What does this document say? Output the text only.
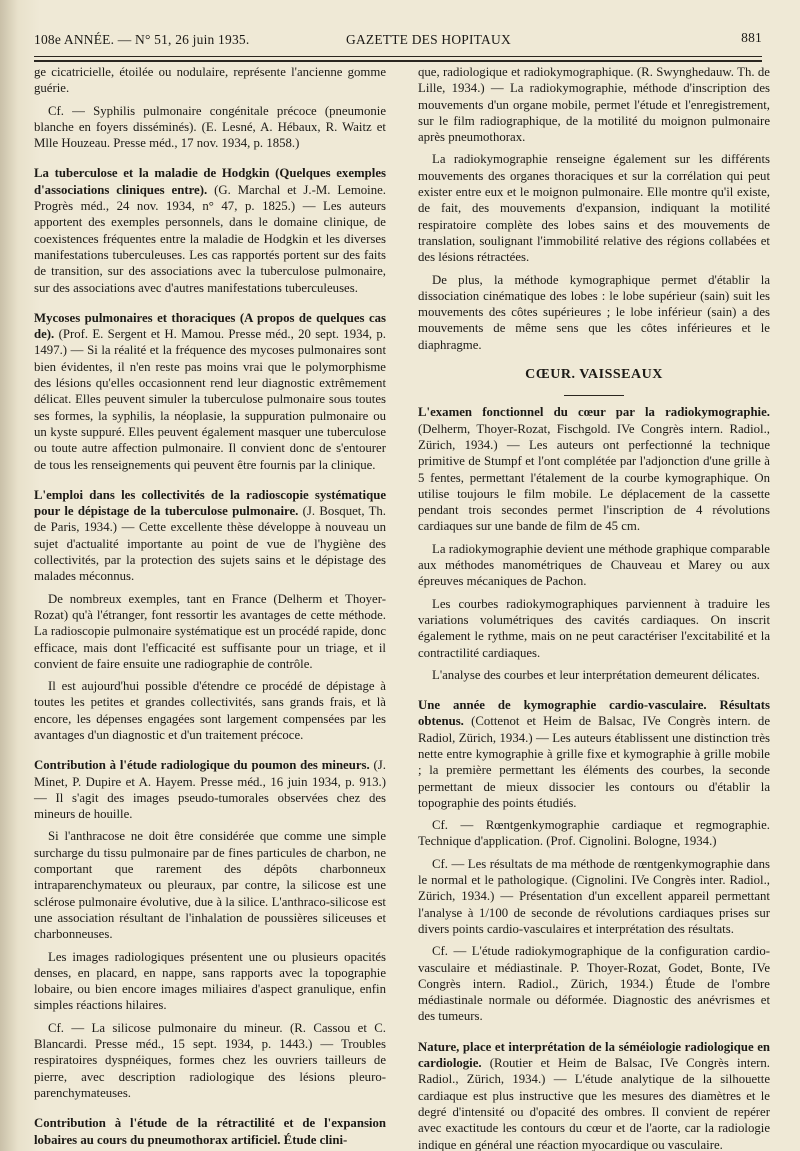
108e ANNÉE. — N° 51, 26 juin 1935.	GAZETTE DES HOPITAUX	881

ge cicatricielle, étoilée ou nodulaire, représente l'ancienne gomme guérie.

Cf. — Syphilis pulmonaire congénitale précoce (pneumonie blanche en foyers disséminés). (E. Lesné, A. Hébaux, R. Waitz et Mlle Houzeau. Presse méd., 17 nov. 1934, p. 1858.)

La tuberculose et la maladie de Hodgkin (Quelques exemples d'associations cliniques entre). (G. Marchal et J.-M. Lemoine. Progrès méd., 24 nov. 1934, n° 47, p. 1825.) — Les auteurs apportent des exemples personnels, dans le domaine clinique, de coexistences fréquentes entre la maladie de Hodgkin et les diverses manifestations tuberculeuses. Les cas rapportés portent sur des faits de transition, sur des associations avec la tuberculose pulmonaire, sur des associations avec d'autres manifestations tuberculeuses.

Mycoses pulmonaires et thoraciques (A propos de quelques cas de). (Prof. E. Sergent et H. Mamou. Presse méd., 20 sept. 1934, p. 1497.) — Si la réalité et la fréquence des mycoses pulmonaires sont bien évidentes, il n'en reste pas moins vrai que le polymorphisme des lésions qu'elles occasionnent rend leur diagnostic extrêmement délicat. Elles peuvent simuler la tuberculose pulmonaire sous toutes ses formes, la syphilis, la néoplasie, la suppuration pulmonaire ou un kyste suppuré. Elles peuvent également masquer une tuberculose ou toute autre affection pulmonaire. Il convient donc de s'entourer de tous les renseignements qui peuvent être fournis par la clinique.

L'emploi dans les collectivités de la radioscopie systématique pour le dépistage de la tuberculose pulmonaire. (J. Bosquet, Th. de Paris, 1934.) — Cette excellente thèse développe à nouveau un sujet d'actualité importante au point de vue de l'hygiène des collectivités, par la protection des sujets sains et le dépistage des malades méconnus.

De nombreux exemples, tant en France (Delherm et Thoyer-Rozat) qu'à l'étranger, font ressortir les avantages de cette méthode. La radioscopie pulmonaire systématique est un procédé rapide, donc efficace, mais dont l'efficacité est suffisante pour un triage, et il convient de faire ensuite une radiographie de contrôle.

Il est aujourd'hui possible d'étendre ce procédé de dépistage à toutes les petites et grandes collectivités, sans grands frais, et là encore, les dépenses engagées sont largement compensées par les avantages d'un diagnostic et d'un traitement précoce.

Contribution à l'étude radiologique du poumon des mineurs. (J. Minet, P. Dupire et A. Hayem. Presse méd., 16 juin 1934, p. 913.) — Il s'agit des images pseudo-tumorales observées chez des mineurs de houille.

Si l'anthracose ne doit être considérée que comme une simple surcharge du tissu pulmonaire par de fines particules de charbon, ne comportant que rarement des dépôts charbonneux intraparenchymateux ou pleuraux, par contre, la silicose est une sclérose pulmonaire évolutive, due à la silice. L'anthraco-silicose est une association résultant de l'inhalation de poussières siliceuses et charbonneuses.

Les images radiologiques présentent une ou plusieurs opacités denses, en placard, en nappe, sans rapports avec la topographie lobaire, ou bien encore images miliaires d'aspect granulique, enfin simples réactions hilaires.

Cf. — La silicose pulmonaire du mineur. (R. Cassou et C. Blancardi. Presse méd., 15 sept. 1934, p. 1443.) — Troubles respiratoires dyspnéiques, formes chez les ouvriers tailleurs de pierre, avec description radiologique des lésions pleuro-parenchymateuses.

Contribution à l'étude de la rétractilité et de l'expansion lobaires au cours du pneumothorax artificiel. Étude clini-

que, radiologique et radiokymographique. (R. Swynghedauw. Th. de Lille, 1934.) — La radiokymographie, méthode d'inscription des mouvements d'un organe mobile, permet l'étude et l'enregistrement, sur le film radiographique, de la motilité du moignon pulmonaire après pneumothorax.

La radiokymographie renseigne également sur les différents mouvements des organes thoraciques et sur la corrélation qui peut exister entre eux et le moignon pulmonaire. Elle montre qu'il existe, de fait, des mouvements d'expansion, indiquant la motilité respiratoire complète des lobes sains et des mouvements de translation, soulignant l'immobilité relative des régions collabées et des lésions rétractées.

De plus, la méthode kymographique permet d'établir la dissociation cinématique des lobes : le lobe supérieur (sain) suit les mouvements des côtes supérieures ; le lobe inférieur (sain) a des mouvements de même sens que les côtes inférieures et le diaphragme.

CŒUR. VAISSEAUX

L'examen fonctionnel du cœur par la radiokymographie. (Delherm, Thoyer-Rozat, Fischgold. IVe Congrès intern. Radiol., Zürich, 1934.) — Les auteurs ont perfectionné la technique primitive de Stumpf et l'ont complétée par l'adjonction d'une grille à 5 fentes, permettant l'étalement de la courbe kymographique. On utilise toujours le film mobile. Le déplacement de la cassette pendant trois secondes permet l'inscription de 4 révolutions cardiaques sur une bande de film de 45 cm.

La radiokymographie devient une méthode graphique comparable aux méthodes manométriques de Chauveau et Marey ou aux épreuves mécaniques de Pachon.

Les courbes radiokymographiques parviennent à traduire les variations volumétriques des cavités cardiaques. On inscrit également le rythme, mais on ne peut caractériser l'excitabilité et la contractilité cardiaques.

L'analyse des courbes et leur interprétation demeurent délicates.

Une année de kymographie cardio-vasculaire. Résultats obtenus. (Cottenot et Heim de Balsac, IVe Congrès intern. de Radiol, Zürich, 1934.) — Les auteurs établissent une distinction très nette entre kymographie à grille fixe et kymographie à grille mobile ; la première permettant les éléments des courbes, la seconde permettant de mieux dissocier les contours ou d'établir la topographie des points étudiés.

Cf. — Rœntgenkymographie cardiaque et regmographie. Technique d'application. (Prof. Cignolini. Bologne, 1934.)

Cf. — Les résultats de ma méthode de rœntgenkymographie dans le normal et le pathologique. (Cignolini. IVe Congrès inter. Radiol., Zürich, 1934.) — Présentation d'un excellent appareil permettant l'analyse à 1/100 de seconde de révolutions cardiaques prises sur divers points cardio-vasculaires et interprétation des résultats.

Cf. — L'étude radiokymographique de la configuration cardio-vasculaire et médiastinale. P. Thoyer-Rozat, Godet, Bonte, IVe Congrès intern. Radiol., Zürich, 1934.) Étude de l'ombre médiastinale normale ou déformée. Diagnostic des anévrismes et des tumeurs.

Nature, place et interprétation de la séméiologie radiologique en cardiologie. (Routier et Heim de Balsac, IVe Congrès intern. Radiol., Zürich, 1934.) — L'étude analytique de la silhouette cardiaque est plus instructive que les mesures des diamètres et le degré d'intensité ou d'opacité des ombres. Il convient de repérer avec exactitude les contours du cœur et de l'aorte, car la radiologie indique en général une réaction myocardique ou vasculaire.
